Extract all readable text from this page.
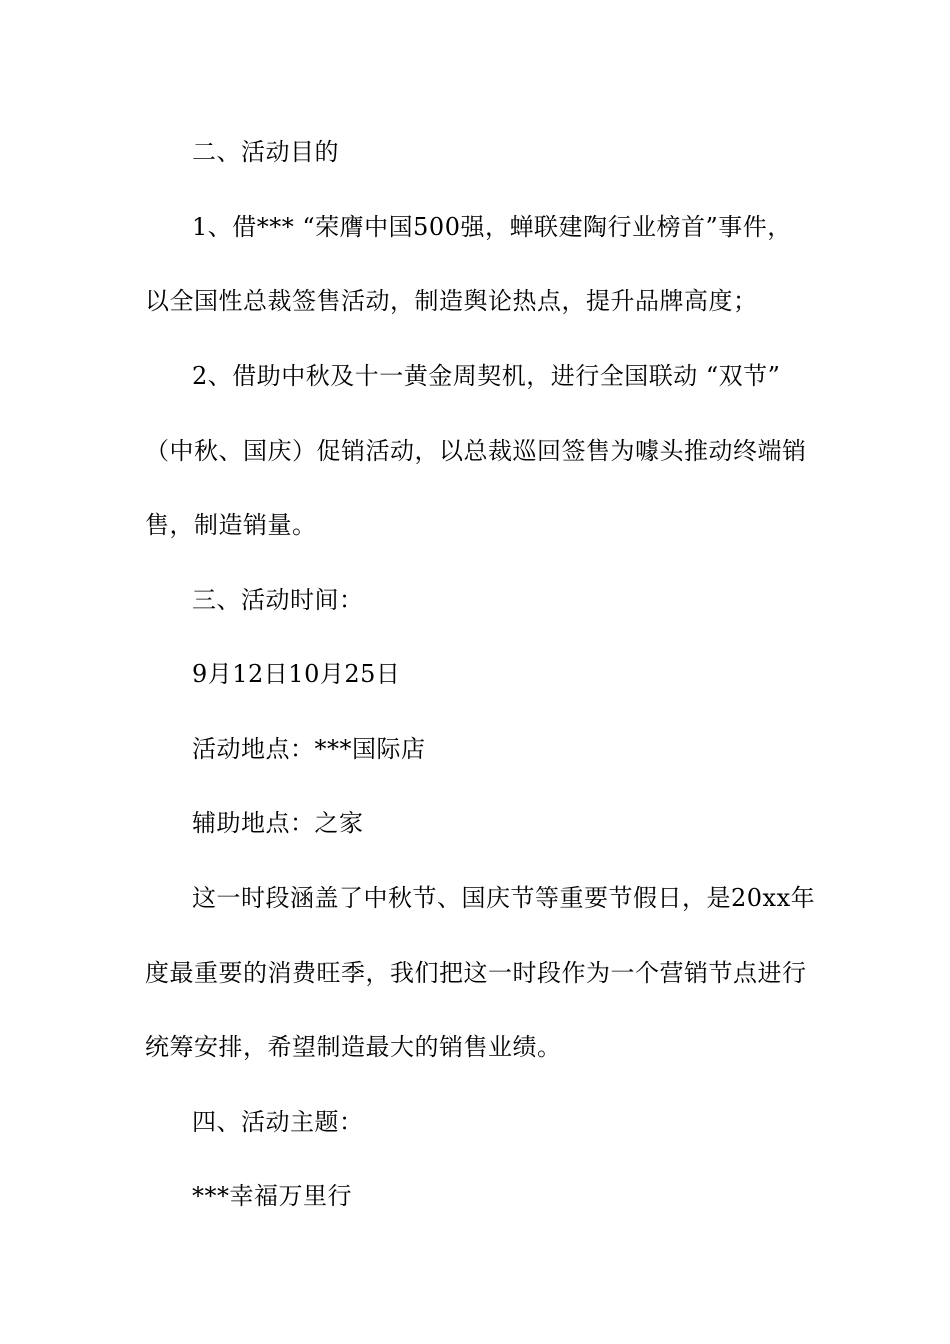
二、活动目的
1、借*** “荣膺中国500强，蝉联建陶行业榜首”事件，
以全国性总裁签售活动，制造舆论热点，提升品牌高度；
2、借助中秋及十一黄金周契机，进行全国联动 “双节”
（中秋、国庆）促销活动，以总裁巡回签售为噱头推动终端销
售，制造销量。
三、活动时间：
9月12日10月25日
活动地点：***国际店
辅助地点：之家
这一时段涵盖了中秋节、国庆节等重要节假日，是20xx年
度最重要的消费旺季，我们把这一时段作为一个营销节点进行
统筹安排，希望制造最大的销售业绩。
四、活动主题：
***幸福万里行
